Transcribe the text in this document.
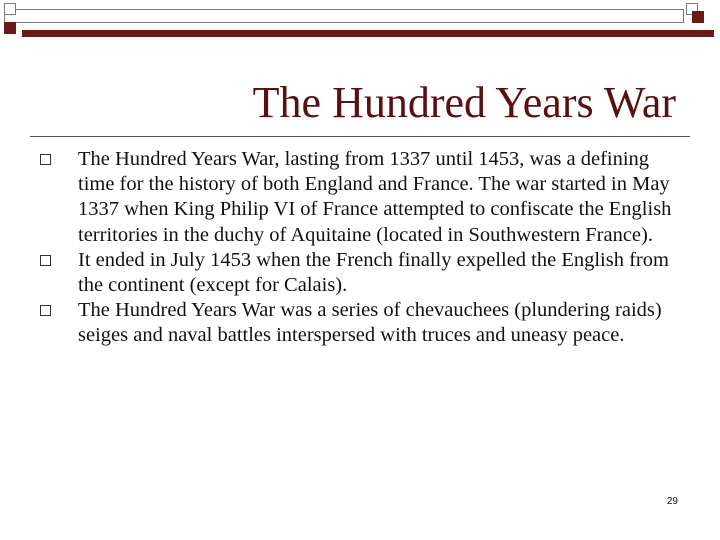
The Hundred Years War
The Hundred Years War, lasting from 1337 until 1453, was a defining time for the history of both England and France. The war started in May 1337 when King Philip VI of France attempted to confiscate the English territories in the duchy of Aquitaine (located in Southwestern France).
It ended in July 1453 when the French finally expelled the English from the continent (except for Calais).
The Hundred Years War was a series of chevauchees (plundering raids) seiges and naval battles interspersed with truces and uneasy peace.
29
